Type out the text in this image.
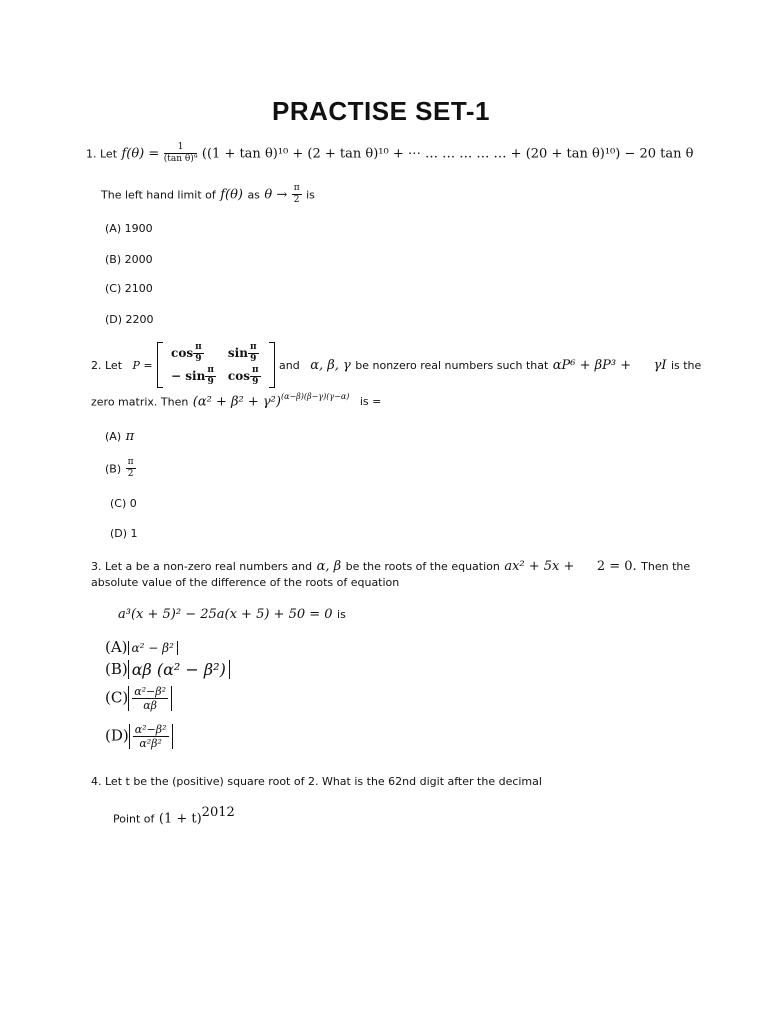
PRACTISE SET-1
1. Let $f(\theta) = \frac{1}{\text{(tan θ)⁹}} ((1 + \tan \theta)^{10} + (2 + \tan \theta)^{10}$ + ⋯ … … … … … + (20 + tan θ)¹⁰) − 20 tan θ
The left hand limit of f(θ) as $\theta \to \frac{\pi}{2}$ is
(A) 1900
(B) 2000
(C) 2100
(D) 2200
2. Let P =
$\cos \frac{\pi}{9}$	$\sin \frac{\pi}{9}$

− $\sin \frac{\pi}{9}$	$\cos \frac{\pi}{9}$
and α, β, γ be nonzero real numbers such that αP⁶ + βP³ + γI is the
zero matrix. Then $(\alpha^2 + \beta^2 + \gamma^2)^{(\alpha-\beta)(\beta-\gamma)(\gamma-\alpha)}$ is =
(A) π
$(B) \frac{\pi}{2}$
(C) 0
(D) 1
3. Let a be a non-zero real numbers and α, β be the roots of the equation ax² + 5x + 2 = 0. Then the
absolute value of the difference of the roots of equation
a³(x + 5)² − 25a(x + 5) + 50 = 0 is
(A) α² − β²
(B) αβ (α² − β²)
$(C) \frac{\text{α²−β²}}{\alpha\beta}$
$(D) \frac{\text{α²−β²}}{\text{α²β²}}$
4. Let t be the (positive) square root of 2. What is the 62nd digit after the decimal
Point of $(1 + t)^{2012}$
